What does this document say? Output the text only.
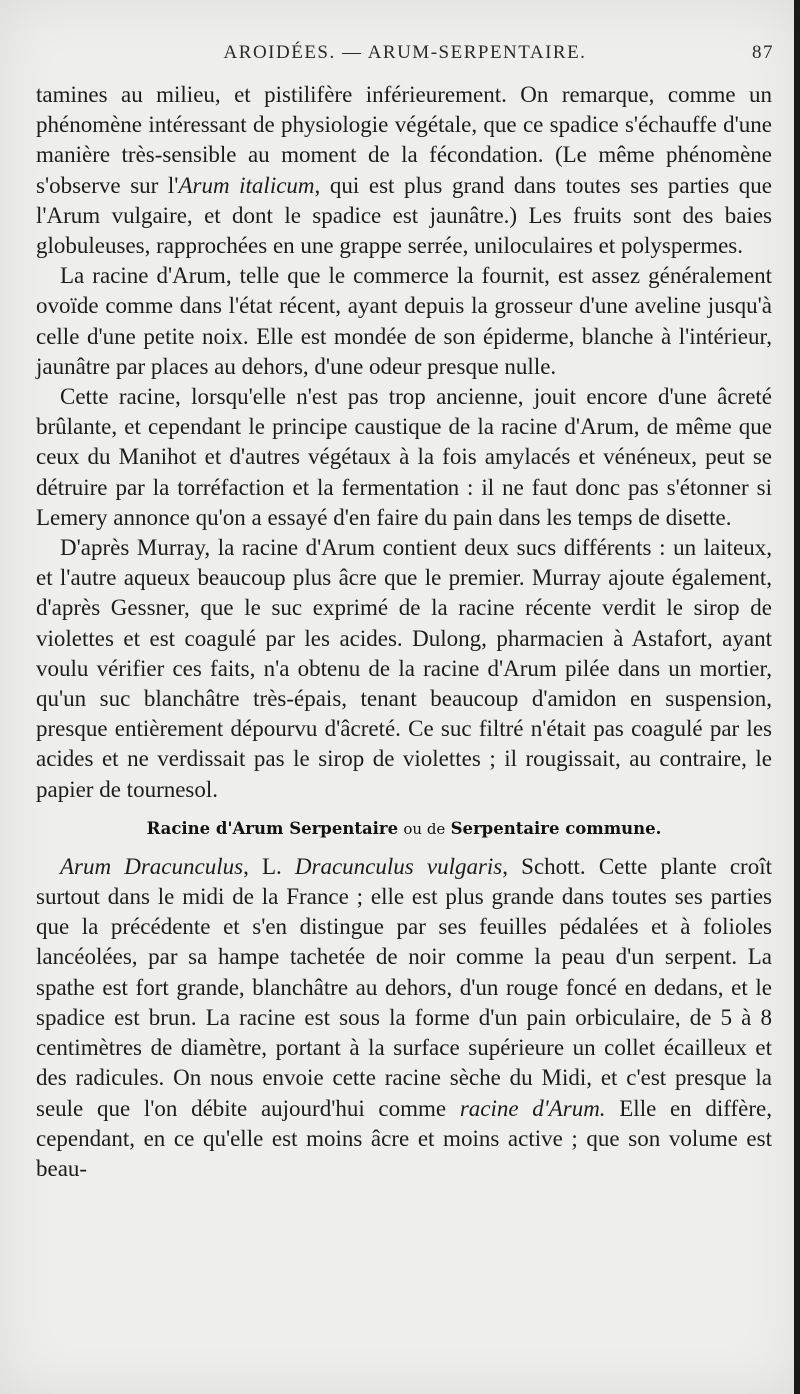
AROIDÉES. — ARUM-SERPENTAIRE.	87

tamines au milieu, et pistilifère inférieurement. On remarque, comme un phénomène intéressant de physiologie végétale, que ce spadice s'échauffe d'une manière très-sensible au moment de la fécondation. (Le même phénomène s'observe sur l'Arum italicum, qui est plus grand dans toutes ses parties que l'Arum vulgaire, et dont le spadice est jaunâtre.) Les fruits sont des baies globuleuses, rapprochées en une grappe serrée, uniloculaires et polyspermes.

La racine d'Arum, telle que le commerce la fournit, est assez généralement ovoïde comme dans l'état récent, ayant depuis la grosseur d'une aveline jusqu'à celle d'une petite noix. Elle est mondée de son épiderme, blanche à l'intérieur, jaunâtre par places au dehors, d'une odeur presque nulle.

Cette racine, lorsqu'elle n'est pas trop ancienne, jouit encore d'une âcreté brûlante, et cependant le principe caustique de la racine d'Arum, de même que ceux du Manihot et d'autres végétaux à la fois amylacés et vénéneux, peut se détruire par la torréfaction et la fermentation : il ne faut donc pas s'étonner si Lemery annonce qu'on a essayé d'en faire du pain dans les temps de disette.

D'après Murray, la racine d'Arum contient deux sucs différents : un laiteux, et l'autre aqueux beaucoup plus âcre que le premier. Murray ajoute également, d'après Gessner, que le suc exprimé de la racine récente verdit le sirop de violettes et est coagulé par les acides. Dulong, pharmacien à Astafort, ayant voulu vérifier ces faits, n'a obtenu de la racine d'Arum pilée dans un mortier, qu'un suc blanchâtre très-épais, tenant beaucoup d'amidon en suspension, presque entièrement dépourvu d'âcreté. Ce suc filtré n'était pas coagulé par les acides et ne verdissait pas le sirop de violettes ; il rougissait, au contraire, le papier de tournesol.

Racine d'Arum Serpentaire ou de Serpentaire commune.

Arum Dracunculus, L. Dracunculus vulgaris, Schott. Cette plante croît surtout dans le midi de la France ; elle est plus grande dans toutes ses parties que la précédente et s'en distingue par ses feuilles pédalées et à folioles lancéolées, par sa hampe tachetée de noir comme la peau d'un serpent. La spathe est fort grande, blanchâtre au dehors, d'un rouge foncé en dedans, et le spadice est brun. La racine est sous la forme d'un pain orbiculaire, de 5 à 8 centimètres de diamètre, portant à la surface supérieure un collet écailleux et des radicules. On nous envoie cette racine sèche du Midi, et c'est presque la seule que l'on débite aujourd'hui comme racine d'Arum. Elle en diffère, cependant, en ce qu'elle est moins âcre et moins active ; que son volume est beau-
